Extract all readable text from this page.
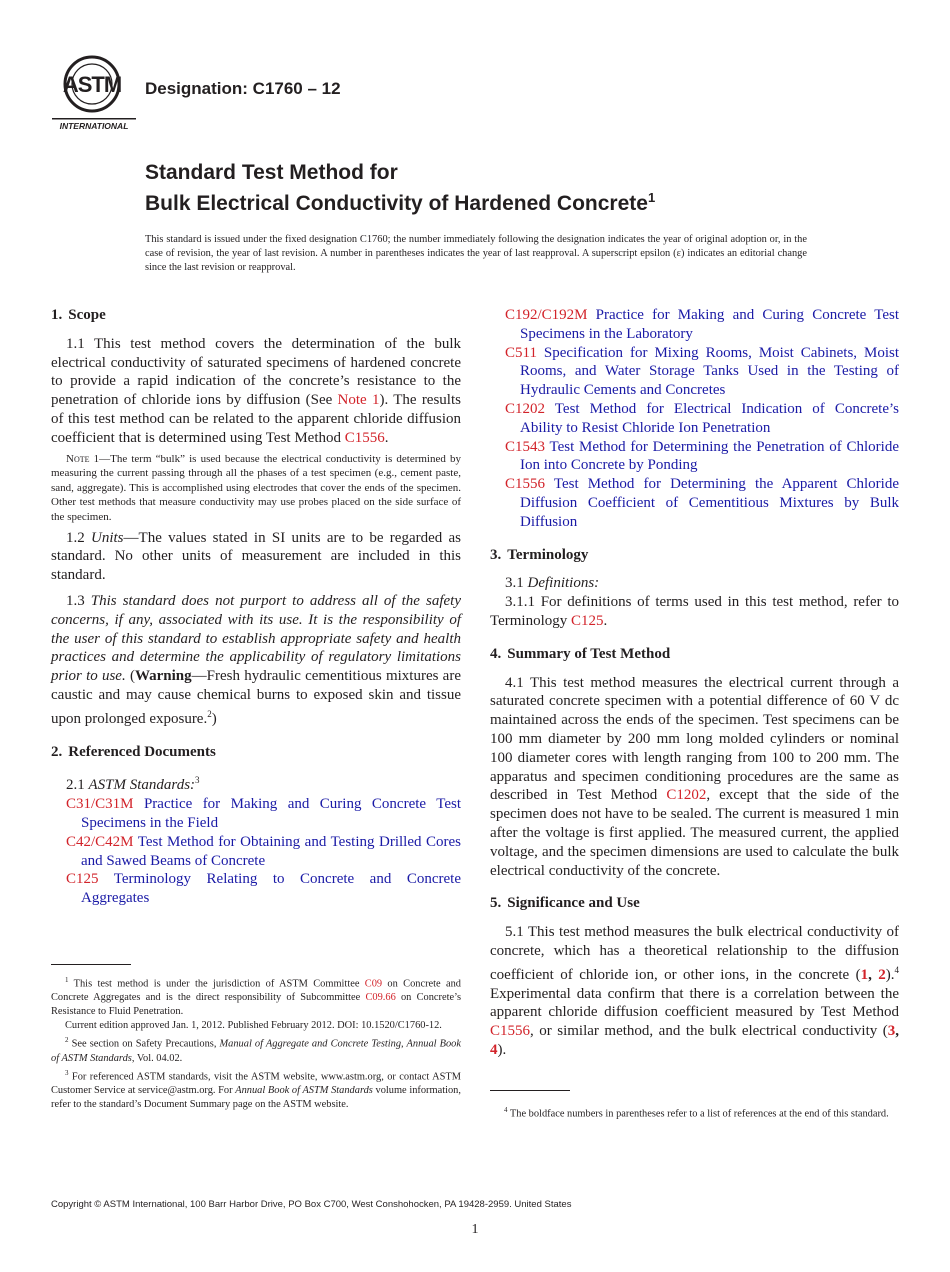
ASTM
INTERNATIONAL
Designation: C1760 – 12
Standard Test Method for
Bulk Electrical Conductivity of Hardened Concrete$^1$
This standard is issued under the fixed designation C1760; the number immediately following the designation indicates the year of original adoption or, in the case of revision, the year of last revision. A number in parentheses indicates the year of last reapproval. A superscript epsilon (ε) indicates an editorial change since the last revision or reapproval.
1. Scope

1.1 This test method covers the determination of the bulk electrical conductivity of saturated specimens of hardened concrete to provide a rapid indication of the concrete’s resistance to the penetration of chloride ions by diffusion (See Note 1). The results of this test method can be related to the apparent chloride diffusion coefficient that is determined using Test Method C1556.

Note 1—The term “bulk” is used because the electrical conductivity is determined by measuring the current passing through all the phases of a test specimen (e.g., cement paste, sand, aggregate). This is accomplished using electrodes that cover the ends of the specimen. Other test methods that measure conductivity may use probes placed on the side surface of the specimen.

1.2 Units—The values stated in SI units are to be regarded as standard. No other units of measurement are included in this standard.

1.3 This standard does not purport to address all of the safety concerns, if any, associated with its use. It is the responsibility of the user of this standard to establish appropriate safety and health practices and determine the applicability of regulatory limitations prior to use. (Warning—Fresh hydraulic cementitious mixtures are caustic and may cause chemical burns to exposed skin and tissue upon prolonged exposure.$^2$)

2. Referenced Documents

2.1 ASTM Standards:$^3$

C31/C31M Practice for Making and Curing Concrete Test Specimens in the Field

C42/C42M Test Method for Obtaining and Testing Drilled Cores and Sawed Beams of Concrete

C125 Terminology Relating to Concrete and Concrete Aggregates

$^1$ This test method is under the jurisdiction of ASTM Committee C09 on Concrete and Concrete Aggregates and is the direct responsibility of Subcommittee C09.66 on Concrete’s Resistance to Fluid Penetration.

Current edition approved Jan. 1, 2012. Published February 2012. DOI: 10.1520/C1760-12.

$^2$ See section on Safety Precautions, Manual of Aggregate and Concrete Testing, Annual Book of ASTM Standards, Vol. 04.02.

$^3$ For referenced ASTM standards, visit the ASTM website, www.astm.org, or contact ASTM Customer Service at service@astm.org. For Annual Book of ASTM Standards volume information, refer to the standard’s Document Summary page on the ASTM website.

C192/C192M Practice for Making and Curing Concrete Test Specimens in the Laboratory

C511 Specification for Mixing Rooms, Moist Cabinets, Moist Rooms, and Water Storage Tanks Used in the Testing of Hydraulic Cements and Concretes

C1202 Test Method for Electrical Indication of Concrete’s Ability to Resist Chloride Ion Penetration

C1543 Test Method for Determining the Penetration of Chloride Ion into Concrete by Ponding

C1556 Test Method for Determining the Apparent Chloride Diffusion Coefficient of Cementitious Mixtures by Bulk Diffusion

3. Terminology

3.1 Definitions:

3.1.1 For definitions of terms used in this test method, refer to Terminology C125.

4. Summary of Test Method

4.1 This test method measures the electrical current through a saturated concrete specimen with a potential difference of 60 V dc maintained across the ends of the specimen. Test specimens can be 100 mm diameter by 200 mm long molded cylinders or nominal 100 diameter cores with length ranging from 100 to 200 mm. The apparatus and specimen conditioning procedures are the same as described in Test Method C1202, except that the side of the specimen does not have to be sealed. The current is measured 1 min after the voltage is first applied. The measured current, the applied voltage, and the specimen dimensions are used to calculate the bulk electrical conductivity of the concrete.

5. Significance and Use

5.1 This test method measures the bulk electrical conductivity of concrete, which has a theoretical relationship to the diffusion coefficient of chloride ion, or other ions, in the concrete (1, 2).$^4$ Experimental data confirm that there is a correlation between the apparent chloride diffusion coefficient measured by Test Method C1556, or similar method, and the bulk electrical conductivity (3, 4).

$^4$ The boldface numbers in parentheses refer to a list of references at the end of this standard.

Copyright © ASTM International, 100 Barr Harbor Drive, PO Box C700, West Conshohocken, PA 19428-2959. United States
1
